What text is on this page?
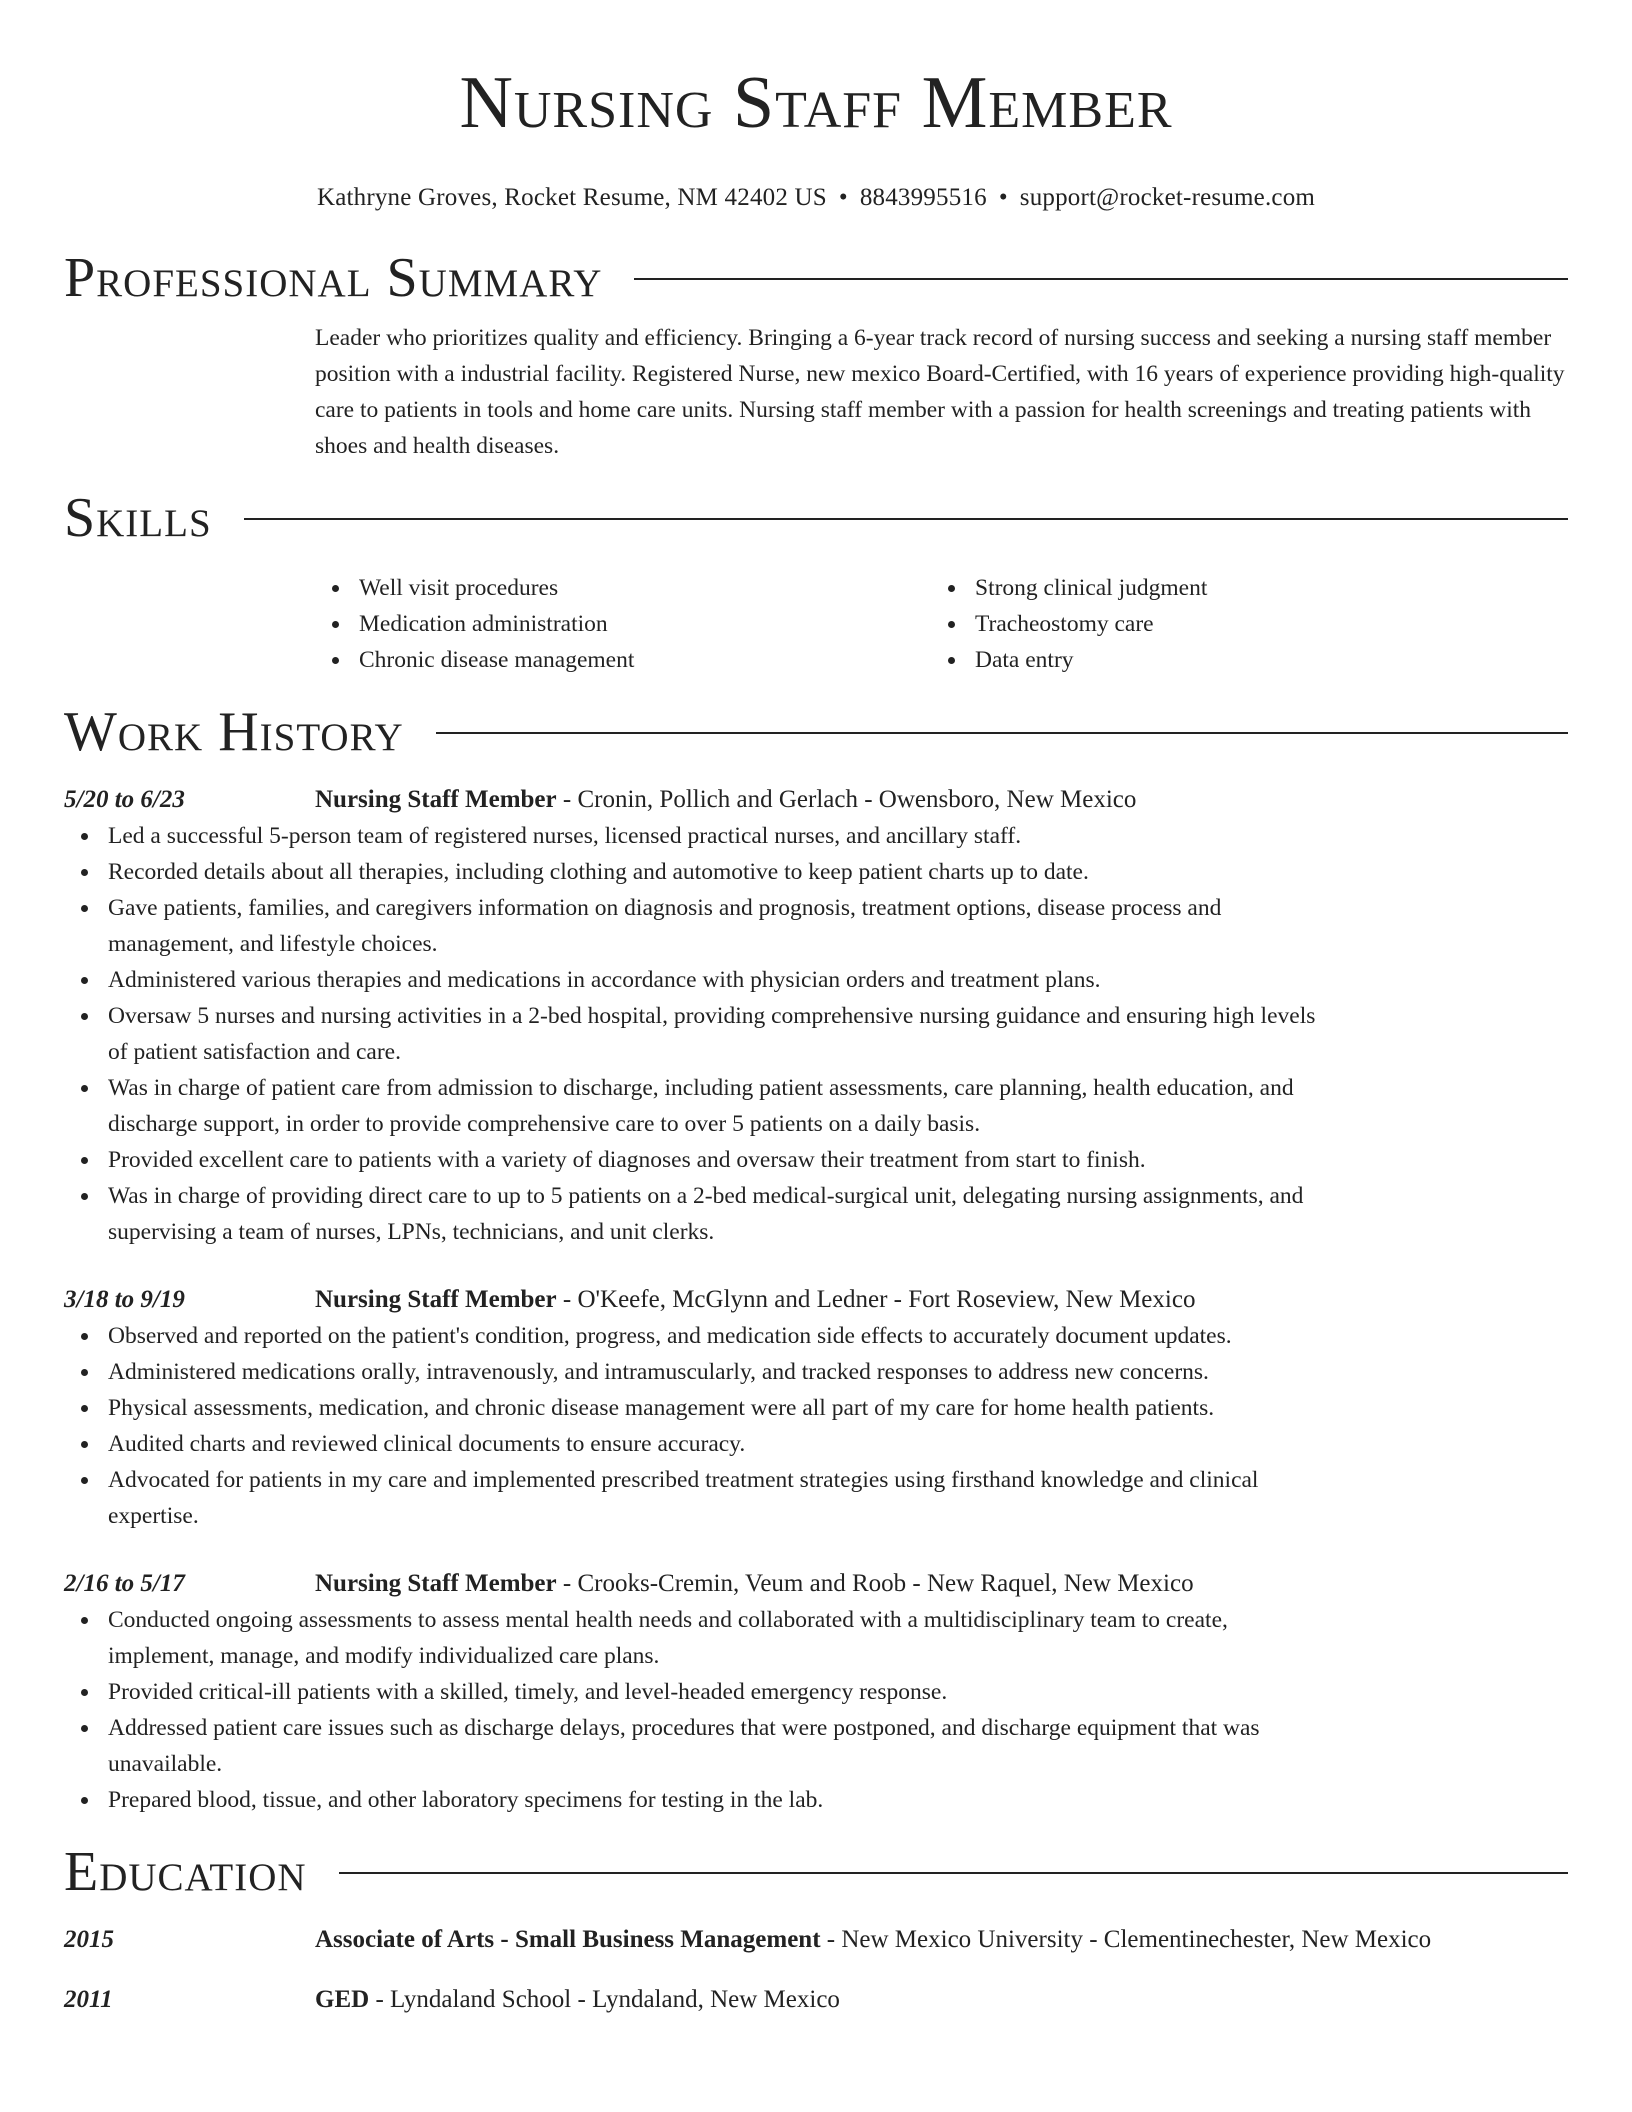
Nursing Staff Member
Kathryne Groves, Rocket Resume, NM 42402 US • 8843995516 • support@rocket-resume.com
Professional Summary
Leader who prioritizes quality and efficiency. Bringing a 6-year track record of nursing success and seeking a nursing staff member position with a industrial facility. Registered Nurse, new mexico Board-Certified, with 16 years of experience providing high-quality care to patients in tools and home care units. Nursing staff member with a passion for health screenings and treating patients with shoes and health diseases.
Skills
Well visit procedures
Medication administration
Chronic disease management
Strong clinical judgment
Tracheostomy care
Data entry
Work History
5/20 to 6/23	Nursing Staff Member - Cronin, Pollich and Gerlach - Owensboro, New Mexico
Led a successful 5-person team of registered nurses, licensed practical nurses, and ancillary staff.
Recorded details about all therapies, including clothing and automotive to keep patient charts up to date.
Gave patients, families, and caregivers information on diagnosis and prognosis, treatment options, disease process and management, and lifestyle choices.
Administered various therapies and medications in accordance with physician orders and treatment plans.
Oversaw 5 nurses and nursing activities in a 2-bed hospital, providing comprehensive nursing guidance and ensuring high levels of patient satisfaction and care.
Was in charge of patient care from admission to discharge, including patient assessments, care planning, health education, and discharge support, in order to provide comprehensive care to over 5 patients on a daily basis.
Provided excellent care to patients with a variety of diagnoses and oversaw their treatment from start to finish.
Was in charge of providing direct care to up to 5 patients on a 2-bed medical-surgical unit, delegating nursing assignments, and supervising a team of nurses, LPNs, technicians, and unit clerks.
3/18 to 9/19	Nursing Staff Member - O'Keefe, McGlynn and Ledner - Fort Roseview, New Mexico
Observed and reported on the patient's condition, progress, and medication side effects to accurately document updates.
Administered medications orally, intravenously, and intramuscularly, and tracked responses to address new concerns.
Physical assessments, medication, and chronic disease management were all part of my care for home health patients.
Audited charts and reviewed clinical documents to ensure accuracy.
Advocated for patients in my care and implemented prescribed treatment strategies using firsthand knowledge and clinical expertise.
2/16 to 5/17	Nursing Staff Member - Crooks-Cremin, Veum and Roob - New Raquel, New Mexico
Conducted ongoing assessments to assess mental health needs and collaborated with a multidisciplinary team to create, implement, manage, and modify individualized care plans.
Provided critical-ill patients with a skilled, timely, and level-headed emergency response.
Addressed patient care issues such as discharge delays, procedures that were postponed, and discharge equipment that was unavailable.
Prepared blood, tissue, and other laboratory specimens for testing in the lab.
Education
2015	Associate of Arts - Small Business Management - New Mexico University - Clementinechester, New Mexico
2011	GED - Lyndaland School - Lyndaland, New Mexico
